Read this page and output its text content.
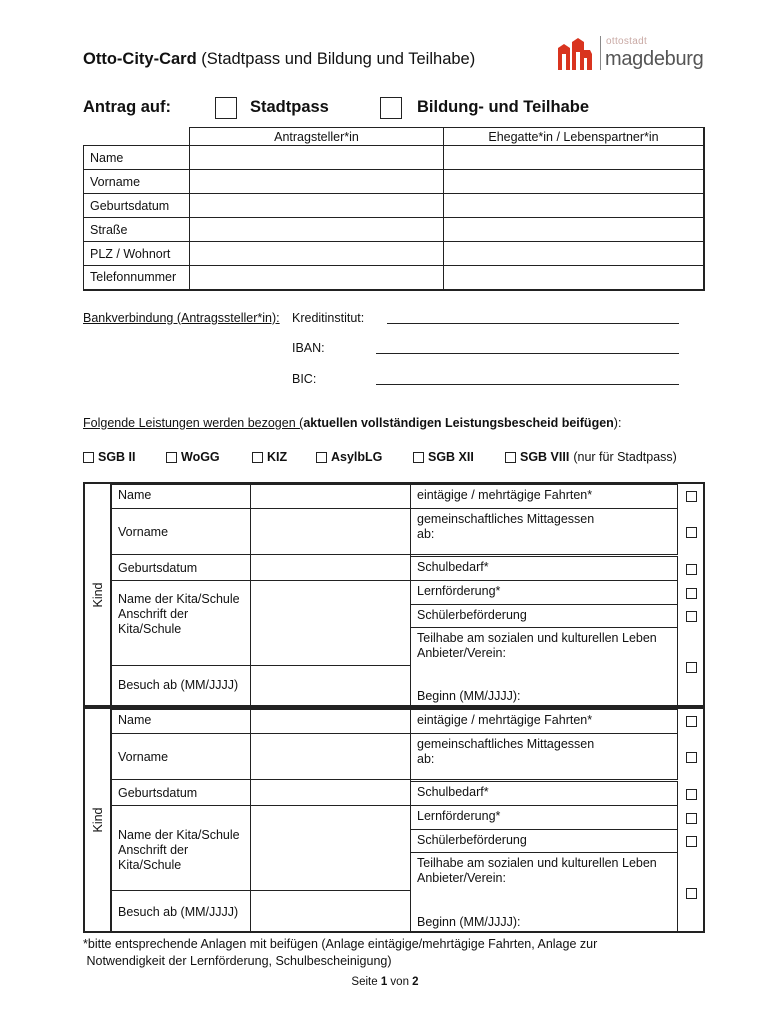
Otto-City-Card (Stadtpass und Bildung und Teilhabe)
ottostadt
magdeburg
Antrag auf:	Stadtpass	Bildung- und Teilhabe
	Antragsteller*in	Ehegatte*in / Lebenspartner*in
Name		
Vorname		
Geburtsdatum		
Straße		
PLZ / Wohnort		
Telefonnummer		
Bankverbindung (Antragssteller*in): Kreditinstitut:
IBAN:
BIC:
Folgende Leistungen werden bezogen (aktuellen vollständigen Leistungsbescheid beifügen):
SGB II	WoGG	KIZ	AsylbLG	SGB XII	SGB VIII (nur für Stadtpass)
Kind
Name
Vorname
Geburtsdatum
Name der Kita/Schule
Anschrift der
Kita/Schule
Besuch ab (MM/JJJJ)
eintägige / mehrtägige Fahrten*
gemeinschaftliches Mittagessen
ab:
Schulbedarf*
Lernförderung*
Schülerbeförderung
Teilhabe am sozialen und kulturellen Leben
Anbieter/Verein:
Beginn (MM/JJJJ):
Kind
Name
Vorname
Geburtsdatum
Name der Kita/Schule
Anschrift der
Kita/Schule
Besuch ab (MM/JJJJ)
eintägige / mehrtägige Fahrten*
gemeinschaftliches Mittagessen
ab:
Schulbedarf*
Lernförderung*
Schülerbeförderung
Teilhabe am sozialen und kulturellen Leben
Anbieter/Verein:
Beginn (MM/JJJJ):
*bitte entsprechende Anlagen mit beifügen (Anlage eintägige/mehrtägige Fahrten, Anlage zur
Notwendigkeit der Lernförderung, Schulbescheinigung)
Seite 1 von 2
